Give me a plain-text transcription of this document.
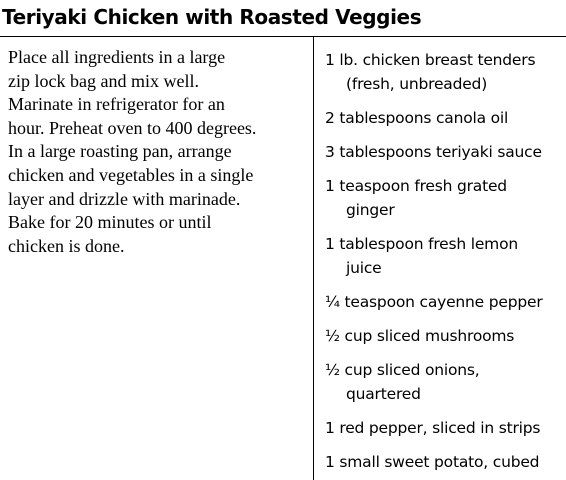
Teriyaki Chicken with Roasted Veggies

Place all ingredients in a large
zip lock bag and mix well.
Marinate in refrigerator for an
hour. Preheat oven to 400 degrees.
In a large roasting pan, arrange
chicken and vegetables in a single
layer and drizzle with marinade.
Bake for 20 minutes or until
chicken is done.

1 lb. chicken breast tenders
(fresh, unbreaded)
2 tablespoons canola oil
3 tablespoons teriyaki sauce
1 teaspoon fresh grated
ginger
1 tablespoon fresh lemon
juice
¼ teaspoon cayenne pepper
½ cup sliced mushrooms
½ cup sliced onions,
quartered
1 red pepper, sliced in strips
1 small sweet potato, cubed
